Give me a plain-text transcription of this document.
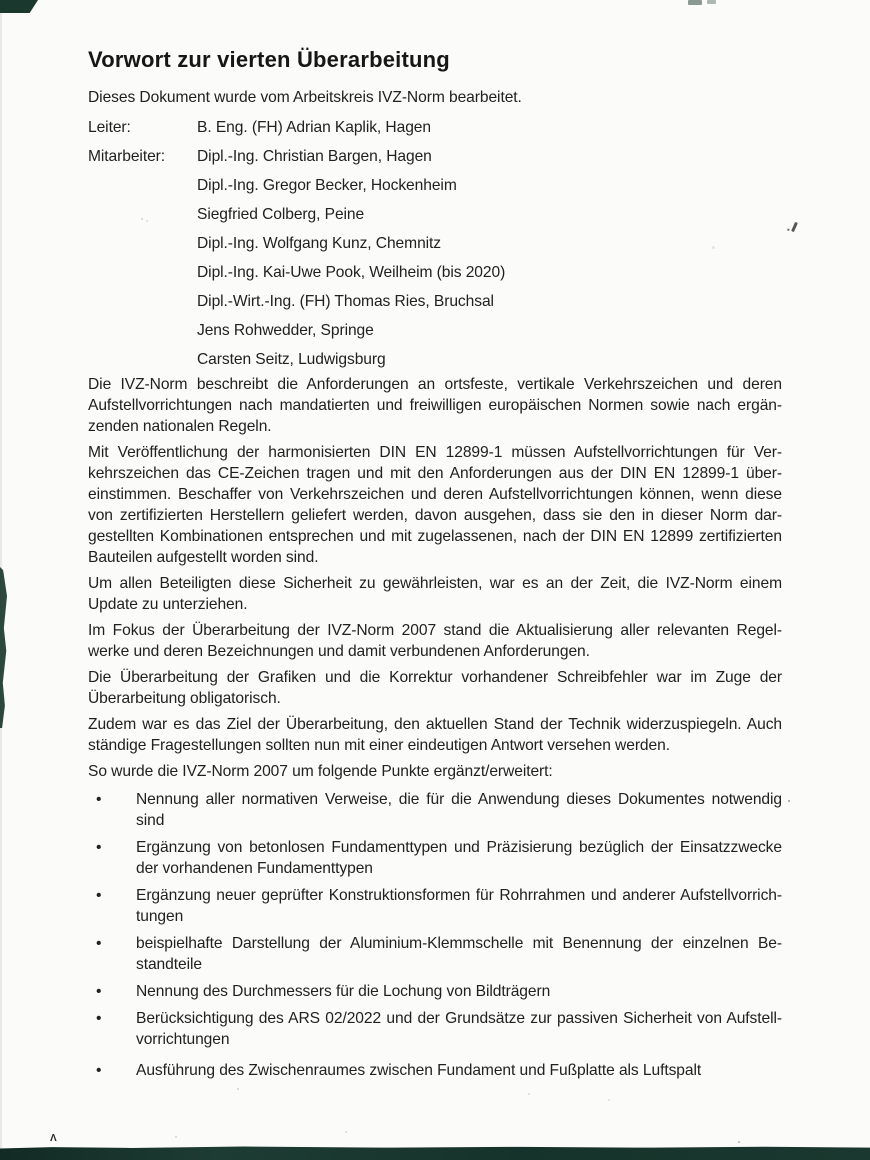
Λ
Vorwort zur vierten Überarbeitung
Dieses Dokument wurde vom Arbeitskreis IVZ-Norm bearbeitet.
Leiter:	B. Eng. (FH) Adrian Kaplik, Hagen
Mitarbeiter:	Dipl.-Ing. Christian Bargen, Hagen
Dipl.-Ing. Gregor Becker, Hockenheim
Siegfried Colberg, Peine
Dipl.-Ing. Wolfgang Kunz, Chemnitz
Dipl.-Ing. Kai-Uwe Pook, Weilheim (bis 2020)
Dipl.-Wirt.-Ing. (FH) Thomas Ries, Bruchsal
Jens Rohwedder, Springe
Carsten Seitz, Ludwigsburg
Die IVZ-Norm beschreibt die Anforderungen an ortsfeste, vertikale Verkehrszeichen und deren
Aufstellvorrichtungen nach mandatierten und freiwilligen europäischen Normen sowie nach ergän-
zenden nationalen Regeln.
Mit Veröffentlichung der harmonisierten DIN EN 12899-1 müssen Aufstellvorrichtungen für Ver-
kehrszeichen das CE-Zeichen tragen und mit den Anforderungen aus der DIN EN 12899-1 über-
einstimmen. Beschaffer von Verkehrszeichen und deren Aufstellvorrichtungen können, wenn diese
von zertifizierten Herstellern geliefert werden, davon ausgehen, dass sie den in dieser Norm dar-
gestellten Kombinationen entsprechen und mit zugelassenen, nach der DIN EN 12899 zertifizierten
Bauteilen aufgestellt worden sind.
Um allen Beteiligten diese Sicherheit zu gewährleisten, war es an der Zeit, die IVZ-Norm einem
Update zu unterziehen.
Im Fokus der Überarbeitung der IVZ-Norm 2007 stand die Aktualisierung aller relevanten Regel-
werke und deren Bezeichnungen und damit verbundenen Anforderungen.
Die Überarbeitung der Grafiken und die Korrektur vorhandener Schreibfehler war im Zuge der
Überarbeitung obligatorisch.
Zudem war es das Ziel der Überarbeitung, den aktuellen Stand der Technik widerzuspiegeln. Auch
ständige Fragestellungen sollten nun mit einer eindeutigen Antwort versehen werden.
So wurde die IVZ-Norm 2007 um folgende Punkte ergänzt/erweitert:
•	Nennung aller normativen Verweise, die für die Anwendung dieses Dokumentes notwendig
sind
•	Ergänzung von betonlosen Fundamenttypen und Präzisierung bezüglich der Einsatzzwecke
der vorhandenen Fundamenttypen
•	Ergänzung neuer geprüfter Konstruktionsformen für Rohrrahmen und anderer Aufstellvorrich-
tungen
•	beispielhafte Darstellung der Aluminium-Klemmschelle mit Benennung der einzelnen Be-
standteile
•	Nennung des Durchmessers für die Lochung von Bildträgern
•	Berücksichtigung des ARS 02/2022 und der Grundsätze zur passiven Sicherheit von Aufstell-
vorrichtungen
•	Ausführung des Zwischenraumes zwischen Fundament und Fußplatte als Luftspalt
